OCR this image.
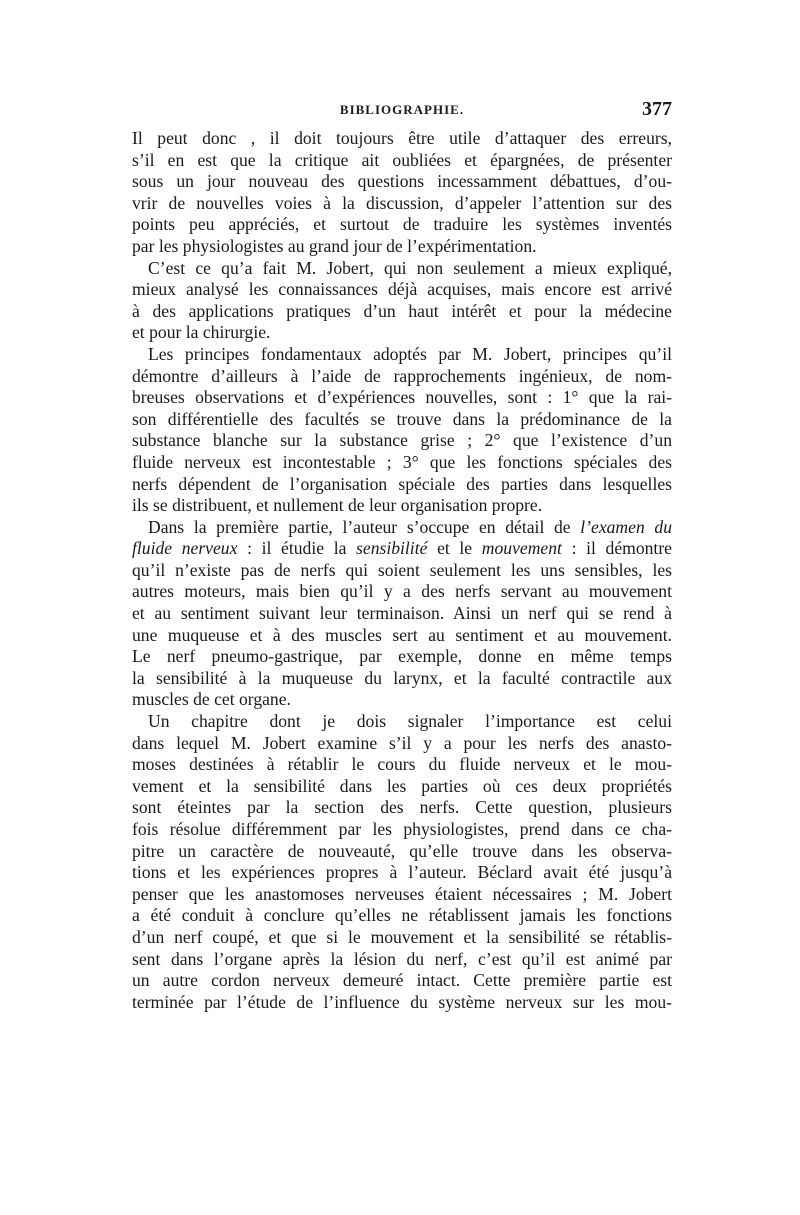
BIBLIOGRAPHIE.	377
Il peut donc , il doit toujours être utile d’attaquer des erreurs,
s’il en est que la critique ait oubliées et épargnées, de présenter
sous un jour nouveau des questions incessamment débattues, d’ou-
vrir de nouvelles voies à la discussion, d’appeler l’attention sur des
points peu appréciés, et surtout de traduire les systèmes inventés
par les physiologistes au grand jour de l’expérimentation.
C’est ce qu’a fait M. Jobert, qui non seulement a mieux expliqué,
mieux analysé les connaissances déjà acquises, mais encore est arrivé
à des applications pratiques d’un haut intérêt et pour la médecine
et pour la chirurgie.
Les principes fondamentaux adoptés par M. Jobert, principes qu’il
démontre d’ailleurs à l’aide de rapprochements ingénieux, de nom-
breuses observations et d’expériences nouvelles, sont : 1° que la rai-
son différentielle des facultés se trouve dans la prédominance de la
substance blanche sur la substance grise ; 2° que l’existence d’un
fluide nerveux est incontestable ; 3° que les fonctions spéciales des
nerfs dépendent de l’organisation spéciale des parties dans lesquelles
ils se distribuent, et nullement de leur organisation propre.
Dans la première partie, l’auteur s’occupe en détail de l’examen du
fluide nerveux : il étudie la sensibilité et le mouvement : il démontre
qu’il n’existe pas de nerfs qui soient seulement les uns sensibles, les
autres moteurs, mais bien qu’il y a des nerfs servant au mouvement
et au sentiment suivant leur terminaison. Ainsi un nerf qui se rend à
une muqueuse et à des muscles sert au sentiment et au mouvement.
Le nerf pneumo-gastrique, par exemple, donne en même temps
la sensibilité à la muqueuse du larynx, et la faculté contractile aux
muscles de cet organe.
Un chapitre dont je dois signaler l’importance est celui
dans lequel M. Jobert examine s’il y a pour les nerfs des anasto-
moses destinées à rétablir le cours du fluide nerveux et le mou-
vement et la sensibilité dans les parties où ces deux propriétés
sont éteintes par la section des nerfs. Cette question, plusieurs
fois résolue différemment par les physiologistes, prend dans ce cha-
pitre un caractère de nouveauté, qu’elle trouve dans les observa-
tions et les expériences propres à l’auteur. Béclard avait été jusqu’à
penser que les anastomoses nerveuses étaient nécessaires ; M. Jobert
a été conduit à conclure qu’elles ne rétablissent jamais les fonctions
d’un nerf coupé, et que si le mouvement et la sensibilité se rétablis-
sent dans l’organe après la lésion du nerf, c’est qu’il est animé par
un autre cordon nerveux demeuré intact. Cette première partie est
terminée par l’étude de l’influence du système nerveux sur les mou-
